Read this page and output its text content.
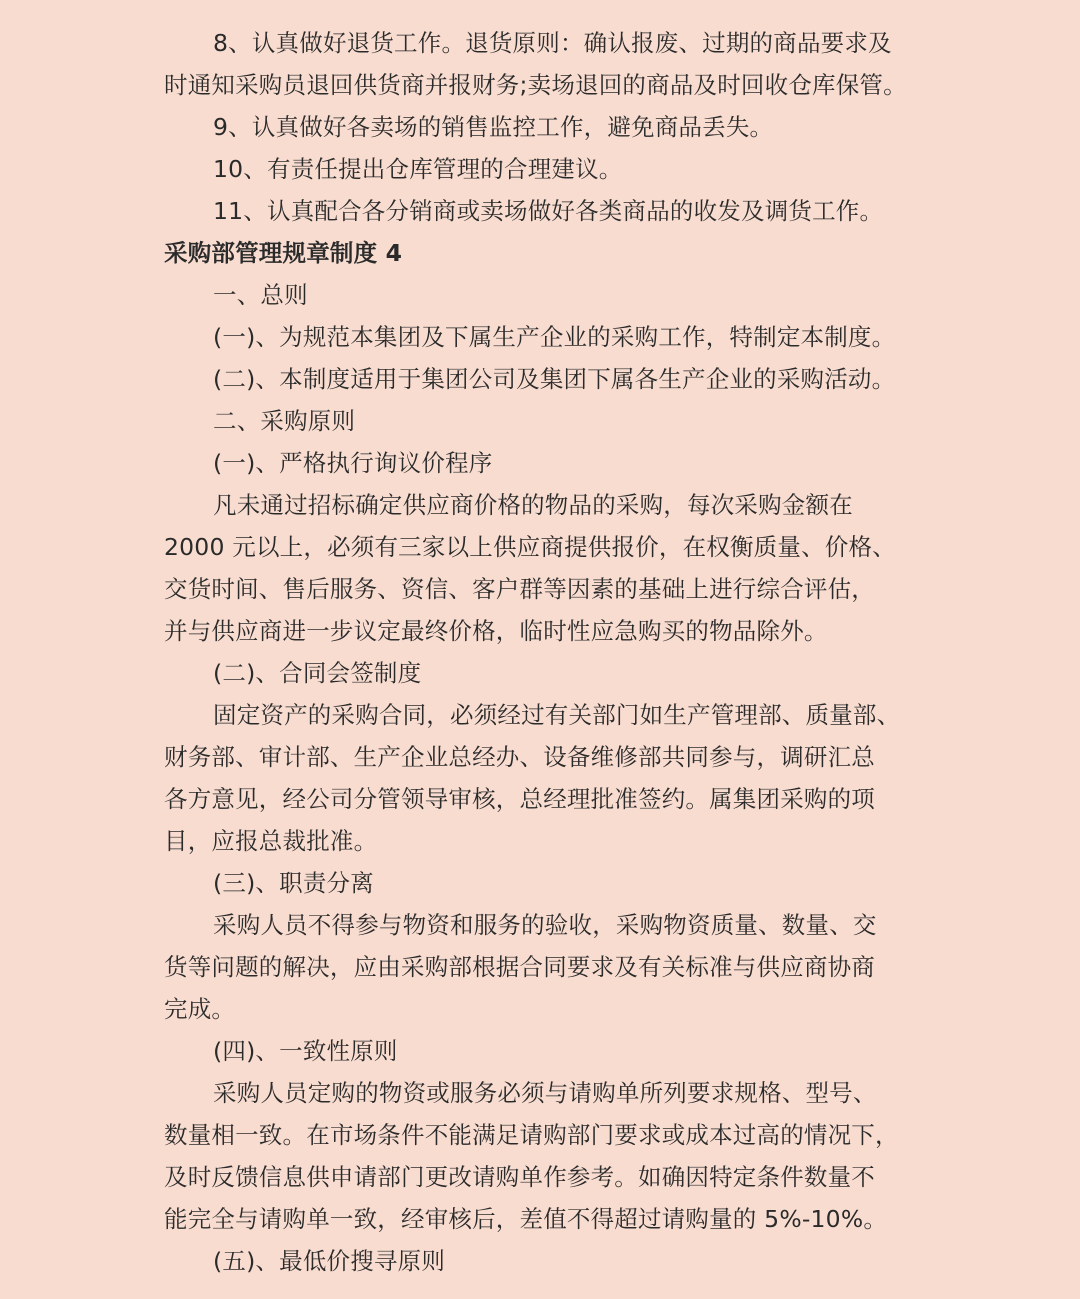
8、认真做好退货工作。退货原则：确认报废、过期的商品要求及
时通知采购员退回供货商并报财务;卖场退回的商品及时回收仓库保管。
9、认真做好各卖场的销售监控工作，避免商品丢失。
10、有责任提出仓库管理的合理建议。
11、认真配合各分销商或卖场做好各类商品的收发及调货工作。
采购部管理规章制度 4
一、总则
(一)、为规范本集团及下属生产企业的采购工作，特制定本制度。
(二)、本制度适用于集团公司及集团下属各生产企业的采购活动。
二、采购原则
(一)、严格执行询议价程序
凡未通过招标确定供应商价格的物品的采购，每次采购金额在
2000 元以上，必须有三家以上供应商提供报价，在权衡质量、价格、
交货时间、售后服务、资信、客户群等因素的基础上进行综合评估，
并与供应商进一步议定最终价格，临时性应急购买的物品除外。
(二)、合同会签制度
固定资产的采购合同，必须经过有关部门如生产管理部、质量部、
财务部、审计部、生产企业总经办、设备维修部共同参与，调研汇总
各方意见，经公司分管领导审核，总经理批准签约。属集团采购的项
目，应报总裁批准。
(三)、职责分离
采购人员不得参与物资和服务的验收，采购物资质量、数量、交
货等问题的解决，应由采购部根据合同要求及有关标准与供应商协商
完成。
(四)、一致性原则
采购人员定购的物资或服务必须与请购单所列要求规格、型号、
数量相一致。在市场条件不能满足请购部门要求或成本过高的情况下，
及时反馈信息供申请部门更改请购单作参考。如确因特定条件数量不
能完全与请购单一致，经审核后，差值不得超过请购量的 5%-10%。
(五)、最低价搜寻原则
